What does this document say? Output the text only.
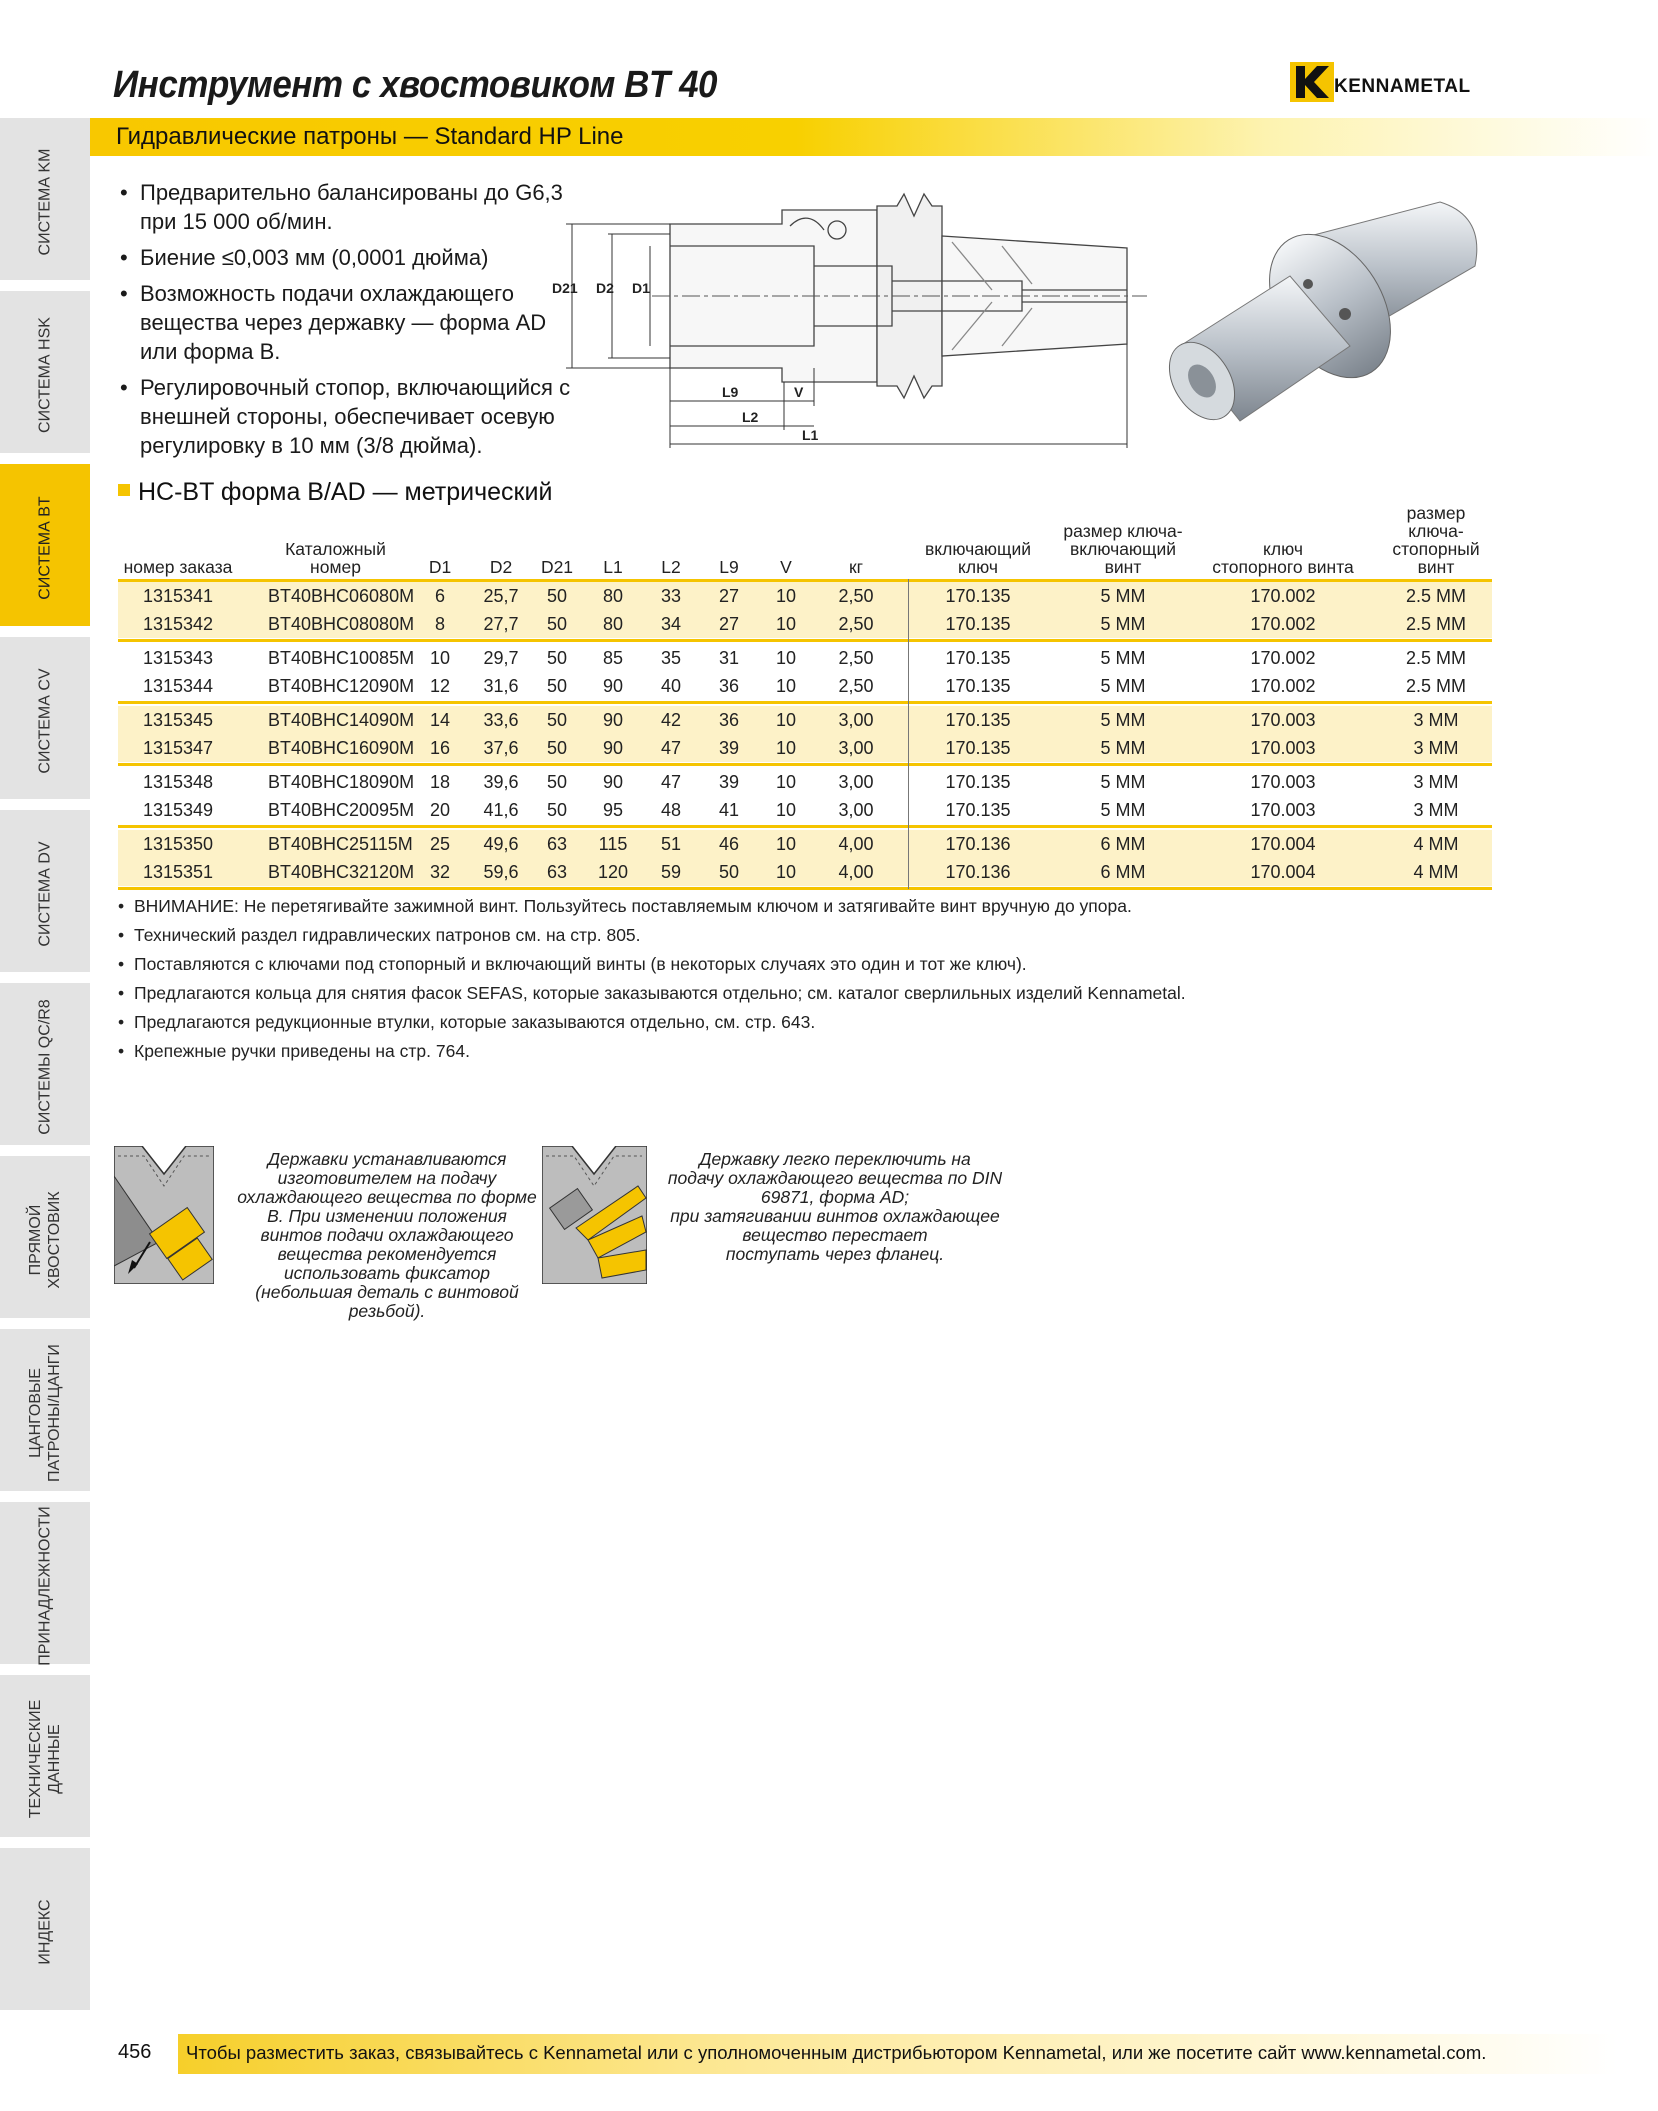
СИСТЕМА KM
СИСТЕМА HSK
СИСТЕМА BT
СИСТЕМА CV
СИСТЕМА DV
СИСТЕМЫ QC/R8
ПРЯМОЙ ХВОСТОВИК
ЦАНГОВЫЕ
ПАТРОНЫ/ЦАНГИ
ПРИНАДЛЕЖНОСТИ
ТЕХНИЧЕСКИЕ
ДАННЫЕ
ИНДЕКС
Инструмент с хвостовиком BT 40	KENNAMETAL
Гидравлические патроны — Standard HP Line
• Предварительно балансированы до G6,3 при 15 000 об/мин.
• Биение ≤0,003 мм (0,0001 дюйма)
• Возможность подачи охлаждающего вещества через державку — форма AD или форма B.
• Регулировочный стопор, включающийся с внешней стороны, обеспечивает осевую регулировку в 10 мм (3/8 дюйма).
D21 D2 D1
L9	V
L2
L1
HC-BT форма B/AD — метрический
номер заказа
Каталожный
номер	D1	D2	D21	L1	L2	L9	V	кг
включающий
ключ
размер ключа-
включающий
винт
ключ
стопорного винта
размер
ключа-
стопорный
винт
1315341	BT40BHC06080M	6	25,7	50	80	33	27	10	2,50	170.135	5 MM	170.002	2.5 MM
1315342	BT40BHC08080M	8	27,7	50	80	34	27	10	2,50	170.135	5 MM	170.002	2.5 MM
1315343	BT40BHC10085M 10	29,7	50	85	35	31	10	2,50	170.135	5 MM	170.002	2.5 MM
1315344	BT40BHC12090M 12	31,6	50	90	40	36	10	2,50	170.135	5 MM	170.002	2.5 MM
1315345	BT40BHC14090M 14	33,6	50	90	42	36	10	3,00	170.135	5 MM	170.003	3 MM
1315347	BT40BHC16090M 16	37,6	50	90	47	39	10	3,00	170.135	5 MM	170.003	3 MM
1315348	BT40BHC18090M 18	39,6	50	90	47	39	10	3,00	170.135	5 MM	170.003	3 MM
1315349	BT40BHC20095M 20	41,6	50	95	48	41	10	3,00	170.135	5 MM	170.003	3 MM
1315350	BT40BHC25115M 25	49,6	63	115	51	46	10	4,00	170.136	6 MM	170.004	4 MM
1315351	BT40BHC32120M 32	59,6	63	120	59	50	10	4,00	170.136	6 MM	170.004	4 MM
• ВНИМАНИЕ: Не перетягивайте зажимной винт. Пользуйтесь поставляемым ключом и затягивайте винт вручную до упора.
• Технический раздел гидравлических патронов см. на стр. 805.
• Поставляются с ключами под стопорный и включающий винты (в некоторых случаях это один и тот же ключ).
• Предлагаются кольца для снятия фасок SEFAS, которые заказываются отдельно; см. каталог сверлильных изделий Kennametal.
• Предлагаются редукционные втулки, которые заказываются отдельно, см. стр. 643.
• Крепежные ручки приведены на стр. 764.
Державки устанавливаются
изготовителем на подачу
охлаждающего вещества по форме
B. При изменении положения
винтов подачи охлаждающего
вещества рекомендуется
использовать фиксатор
(небольшая деталь с винтовой
резьбой).
Державку легко переключить на
подачу охлаждающего вещества по DIN
69871, форма AD;
при затягивании винтов охлаждающее
вещество перестает
поступать через фланец.
456 Чтобы разместить заказ, связывайтесь с Kennametal или с уполномоченным дистрибьютором Kennametal, или же посетите сайт www.kennametal.com.
